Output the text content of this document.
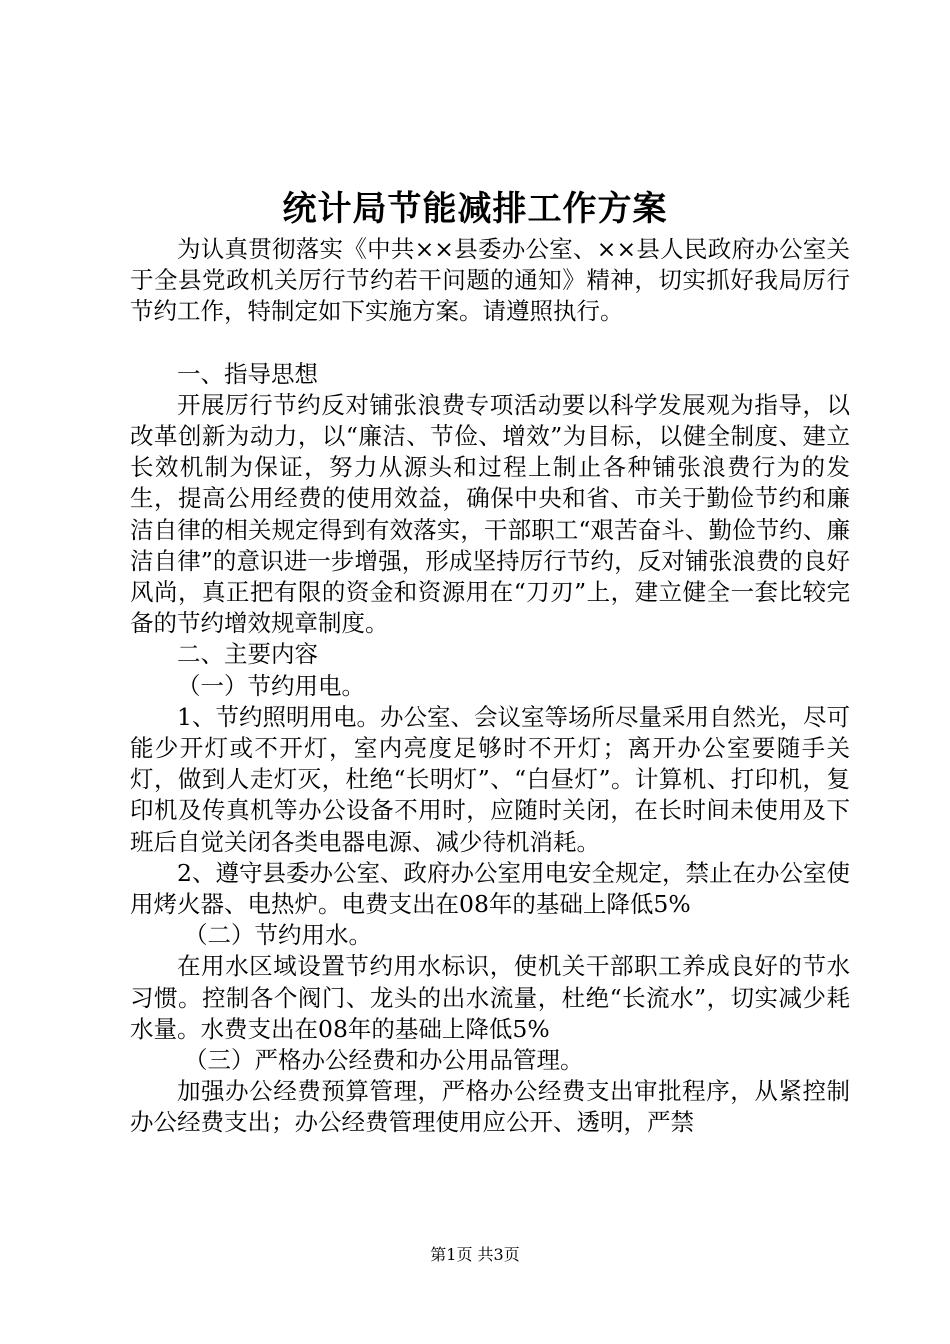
统计局节能减排工作方案

为认真贯彻落实《中共××县委办公室、××县人民政府办公室关于全县党政机关厉行节约若干问题的通知》精神，切实抓好我局厉行节约工作，特制定如下实施方案。请遵照执行。

一、指导思想

开展厉行节约反对铺张浪费专项活动要以科学发展观为指导，以改革创新为动力，以“廉洁、节俭、增效”为目标，以健全制度、建立长效机制为保证，努力从源头和过程上制止各种铺张浪费行为的发生，提高公用经费的使用效益，确保中央和省、市关于勤俭节约和廉洁自律的相关规定得到有效落实，干部职工“艰苦奋斗、勤俭节约、廉洁自律”的意识进一步增强，形成坚持厉行节约，反对铺张浪费的良好风尚，真正把有限的资金和资源用在“刀刃”上，建立健全一套比较完备的节约增效规章制度。

二、主要内容

（一）节约用电。

1、节约照明用电。办公室、会议室等场所尽量采用自然光，尽可能少开灯或不开灯，室内亮度足够时不开灯；离开办公室要随手关灯，做到人走灯灭，杜绝“长明灯”、“白昼灯”。计算机、打印机，复印机及传真机等办公设备不用时，应随时关闭，在长时间未使用及下班后自觉关闭各类电器电源、减少待机消耗。

2、遵守县委办公室、政府办公室用电安全规定，禁止在办公室使用烤火器、电热炉。电费支出在08年的基础上降低5%

（二）节约用水。

在用水区域设置节约用水标识，使机关干部职工养成良好的节水习惯。控制各个阀门、龙头的出水流量，杜绝“长流水”，切实减少耗水量。水费支出在08年的基础上降低5%

（三）严格办公经费和办公用品管理。

加强办公经费预算管理，严格办公经费支出审批程序，从紧控制办公经费支出；办公经费管理使用应公开、透明，严禁

第1页 共3页
